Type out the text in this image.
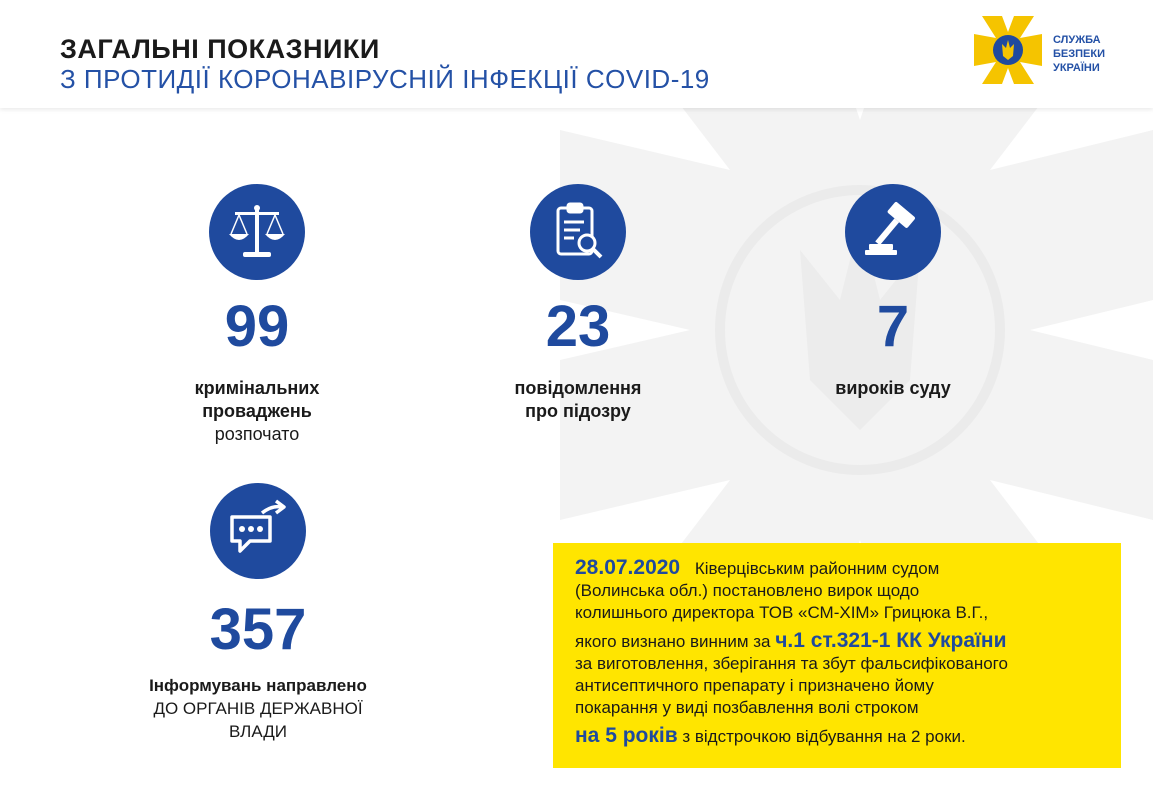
ЗАГАЛЬНІ ПОКАЗНИКИ
З ПРОТИДІЇ КОРОНАВІРУСНІЙ ІНФЕКЦІЇ COVID-19
СЛУЖБА
БЕЗПЕКИ
УКРАЇНИ
99
кримінальних
проваджень
розпочато
23
повідомлення
про підозру
7
вироків суду
357
Інформувань направлено
ДО ОРГАНІВ ДЕРЖАВНОЇ
ВЛАДИ

28.07.2020 Ківерцівським районним судом

(Волинська обл.) постановлено вирок щодо

колишнього директора ТОВ «СМ-ХІМ» Грицюка В.Г.,

якого визнано винним за ч.1 ст.321-1 КК України

за виготовлення, зберігання та збут фальсифікованого

антисептичного препарату і призначено йому

покарання у виді позбавлення волі строком

на 5 років з відстрочкою відбування на 2 роки.
